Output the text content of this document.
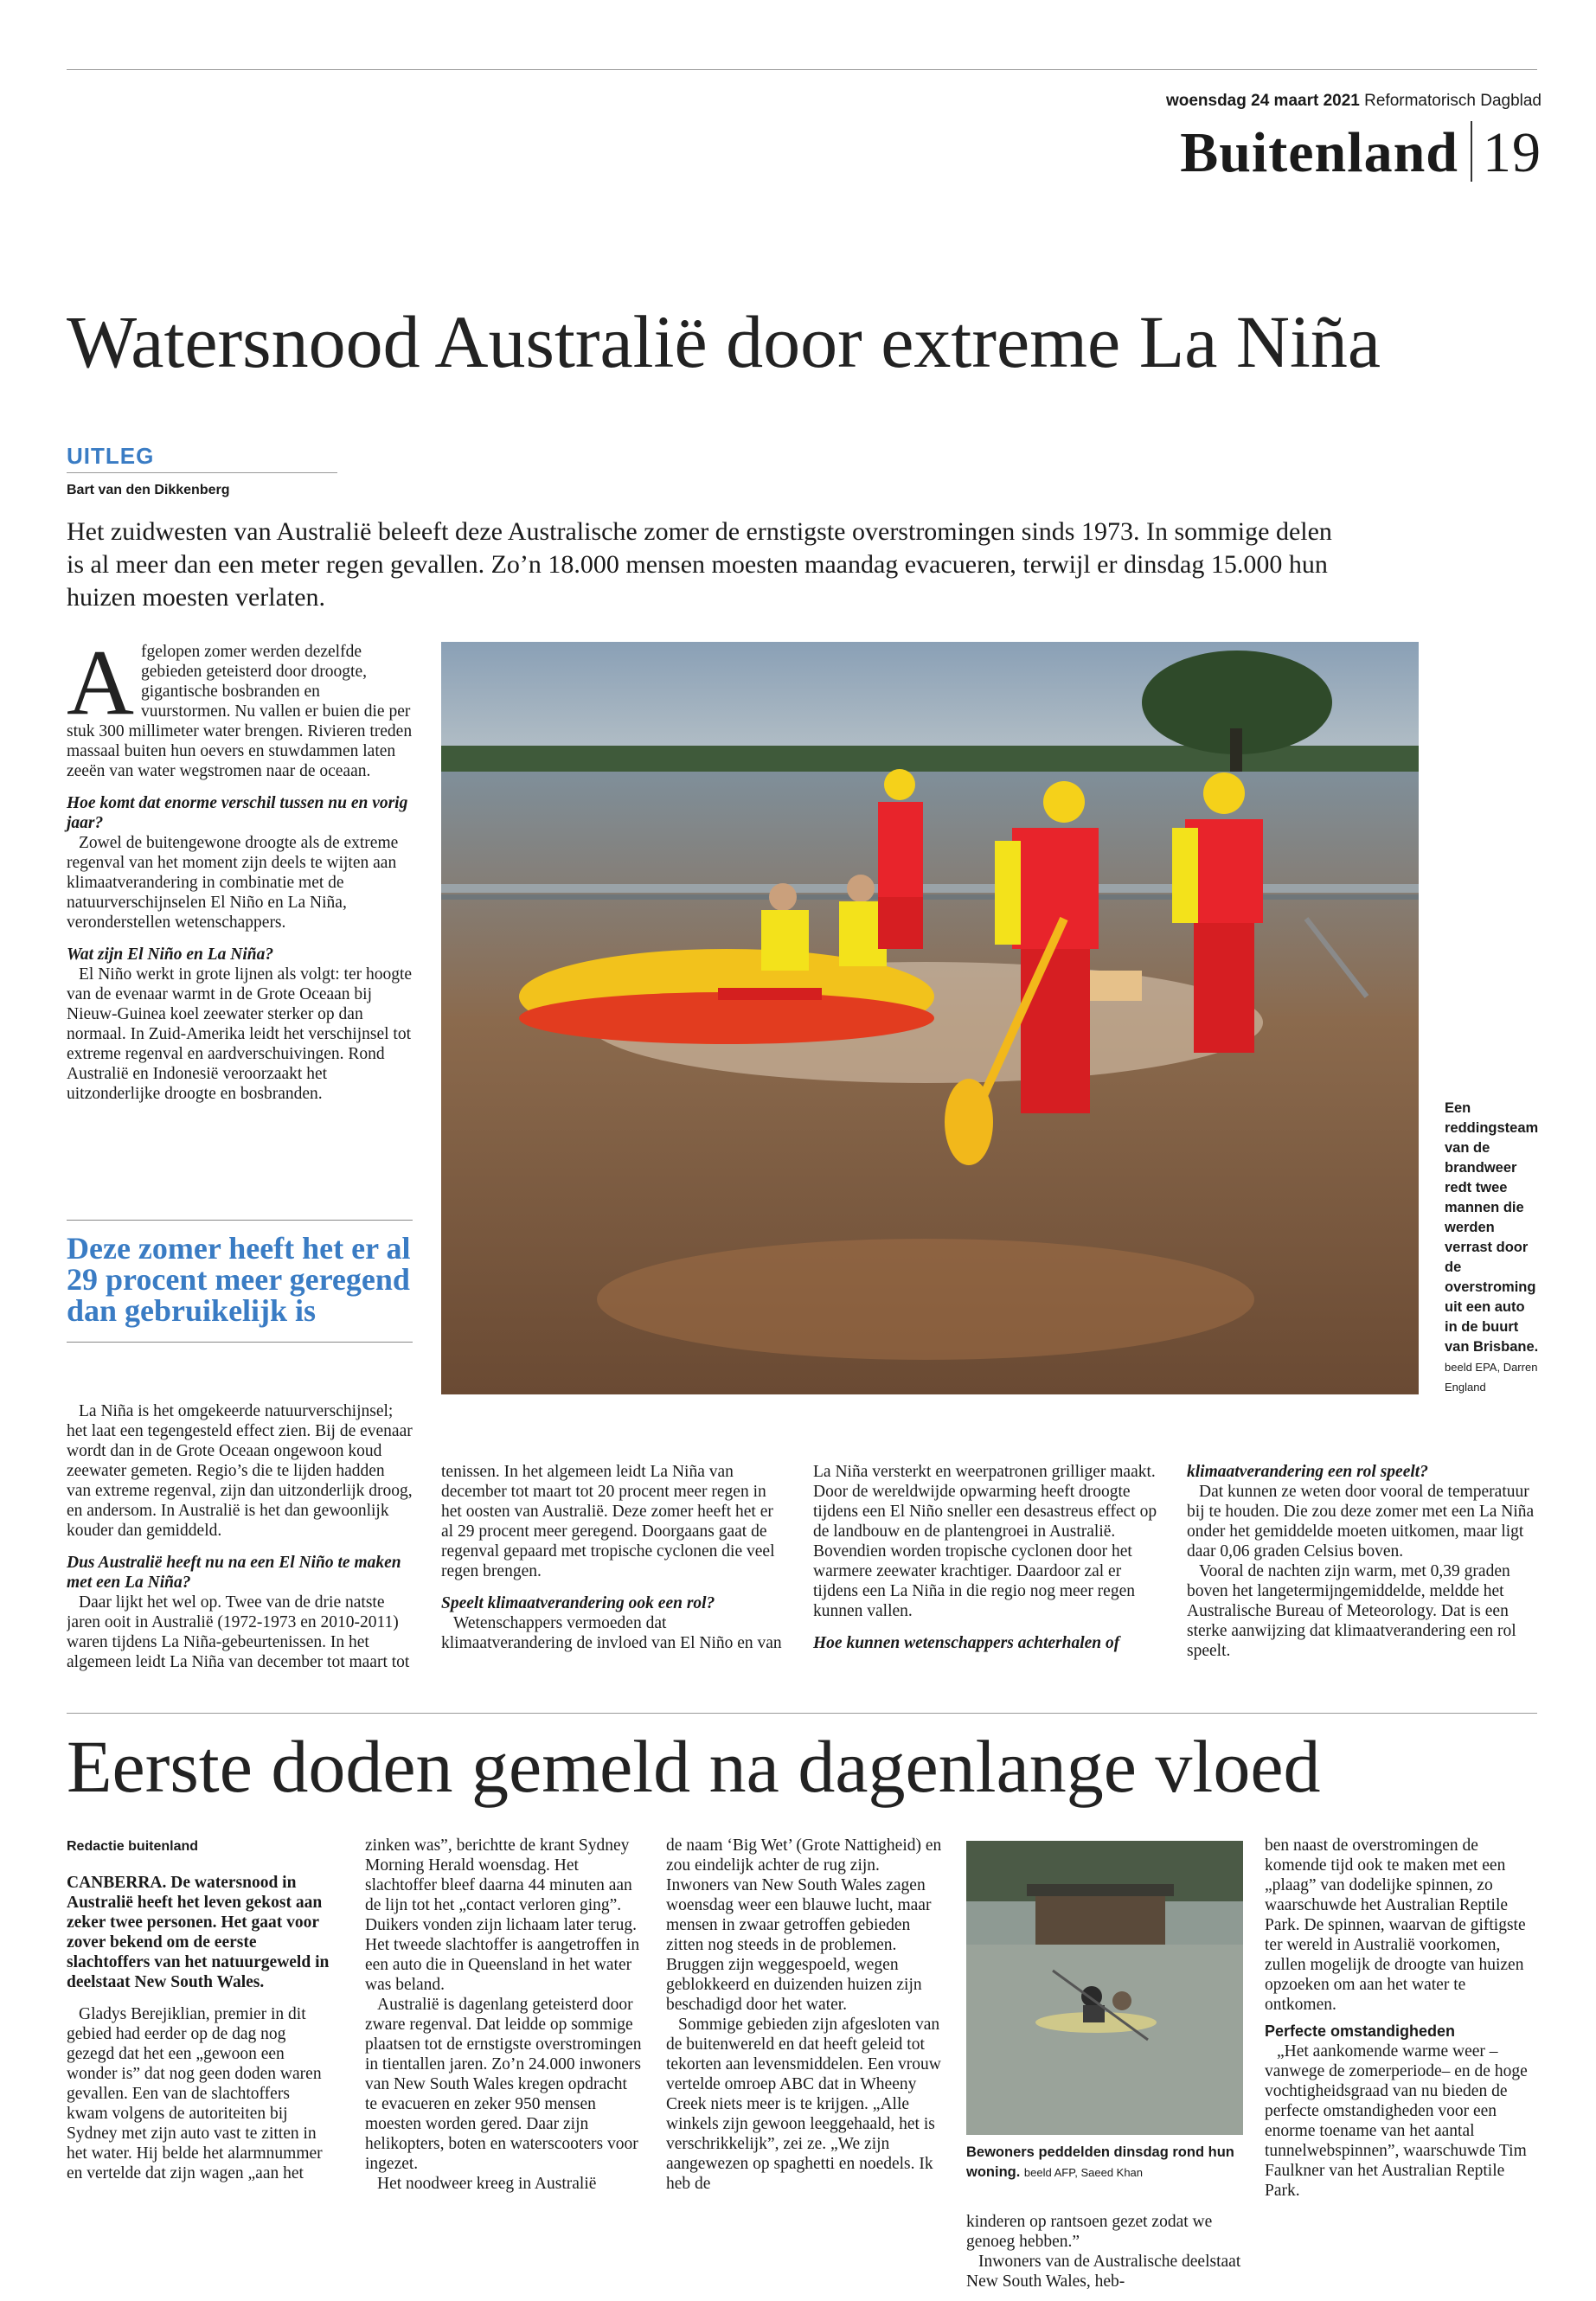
woensdag 24 maart 2021 Reformatorisch Dagblad
Buitenland 19
Watersnood Australië door extreme La Niña
UITLEG
Bart van den Dikkenberg
Het zuidwesten van Australië beleeft deze Australische zomer de ernstigste overstromingen sinds 1973. In sommige delen is al meer dan een meter regen gevallen. Zo’n 18.000 mensen moesten maandag evacueren, terwijl er dinsdag 15.000 hun huizen moesten verlaten.

Afgelopen zomer werden dezelfde gebieden geteisterd door droogte, gigantische bosbranden en vuurstormen. Nu vallen er buien die per stuk 300 millimeter water brengen. Rivieren treden massaal buiten hun oevers en stuwdammen laten zeeën van water wegstromen naar de oceaan.

Hoe komt dat enorme verschil tussen nu en vorig jaar?

Zowel de buitengewone droogte als de extreme regenval van het moment zijn deels te wijten aan klimaatverandering in combinatie met de natuurverschijnselen El Niño en La Niña, veronderstellen wetenschappers.

Wat zijn El Niño en La Niña?

El Niño werkt in grote lijnen als volgt: ter hoogte van de evenaar warmt in de Grote Oceaan bij Nieuw-Guinea koel zeewater sterker op dan normaal. In Zuid-Amerika leidt het verschijnsel tot extreme regenval en aardverschuivingen. Rond Australië en Indonesië veroorzaakt het uitzonderlijke droogte en bosbranden.

Deze zomer heeft het er al 29 procent meer geregend dan gebruikelijk is

La Niña is het omgekeerde natuurverschijnsel; het laat een tegengesteld effect zien. Bij de evenaar wordt dan in de Grote Oceaan ongewoon koud zeewater gemeten. Regio’s die te lijden hadden van extreme regenval, zijn dan uitzonderlijk droog, en andersom. In Australië is het dan gewoonlijk kouder dan gemiddeld.

Dus Australië heeft nu na een El Niño te maken met een La Niña?

Daar lijkt het wel op. Twee van de drie natste jaren ooit in Australië (1972-1973 en 2010-2011) waren tijdens La Niña-gebeurtenissen. In het algemeen leidt La Niña van december tot maart tot

Een reddingsteam van de brandweer redt twee mannen die werden verrast door de overstroming uit een auto in de buurt van Brisbane. beeld EPA, Darren England

tenissen. In het algemeen leidt La Niña van december tot maart tot 20 procent meer regen in het oosten van Australië. Deze zomer heeft het er al 29 procent meer geregend. Doorgaans gaat de regenval gepaard met tropische cyclonen die veel regen brengen.

Speelt klimaatverandering ook een rol?

Wetenschappers vermoeden dat klimaatverandering de invloed van El Niño en van

La Niña versterkt en weerpatronen grilliger maakt. Door de wereldwijde opwarming heeft droogte tijdens een El Niño sneller een desastreus effect op de landbouw en de plantengroei in Australië. Bovendien worden tropische cyclonen door het warmere zeewater krachtiger. Daardoor zal er tijdens een La Niña in die regio nog meer regen kunnen vallen.

Hoe kunnen wetenschappers achterhalen of

klimaatverandering een rol speelt?

Dat kunnen ze weten door vooral de temperatuur bij te houden. Die zou deze zomer met een La Niña onder het gemiddelde moeten uitkomen, maar ligt daar 0,06 graden Celsius boven.

Vooral de nachten zijn warm, met 0,39 graden boven het langetermijngemiddelde, meldde het Australische Bureau of Meteorology. Dat is een sterke aanwijzing dat klimaatverandering een rol speelt.

Eerste doden gemeld na dagenlange vloed
Redactie buitenland

CANBERRA. De watersnood in Australië heeft het leven gekost aan zeker twee personen. Het gaat voor zover bekend om de eerste slachtoffers van het natuurgeweld in deelstaat New South Wales.

Gladys Berejiklian, premier in dit gebied had eerder op de dag nog gezegd dat het een „gewoon een wonder is” dat nog geen doden waren gevallen. Een van de slachtoffers kwam volgens de autoriteiten bij Sydney met zijn auto vast te zitten in het water. Hij belde het alarmnummer en vertelde dat zijn wagen „aan het

zinken was”, berichtte de krant Sydney Morning Herald woensdag. Het slachtoffer bleef daarna 44 minuten aan de lijn tot het „contact verloren ging”. Duikers vonden zijn lichaam later terug. Het tweede slachtoffer is aangetroffen in een auto die in Queensland in het water was beland.

Australië is dagenlang geteisterd door zware regenval. Dat leidde op sommige plaatsen tot de ernstigste overstromingen in tientallen jaren. Zo’n 24.000 inwoners van New South Wales kregen opdracht te evacueren en zeker 950 mensen moesten worden gered. Daar zijn helikopters, boten en waterscooters voor ingezet.

Het noodweer kreeg in Australië

de naam ‘Big Wet’ (Grote Nattigheid) en zou eindelijk achter de rug zijn. Inwoners van New South Wales zagen woensdag weer een blauwe lucht, maar mensen in zwaar getroffen gebieden zitten nog steeds in de problemen. Bruggen zijn weggespoeld, wegen geblokkeerd en duizenden huizen zijn beschadigd door het water.

Sommige gebieden zijn afgesloten van de buitenwereld en dat heeft geleid tot tekorten aan levensmiddelen. Een vrouw vertelde omroep ABC dat in Wheeny Creek niets meer is te krijgen. „Alle winkels zijn gewoon leeggehaald, het is verschrikkelijk”, zei ze. „We zijn aangewezen op spaghetti en noedels. Ik heb de

Bewoners peddelden dinsdag rond hun woning. beeld AFP, Saeed Khan

kinderen op rantsoen gezet zodat we genoeg hebben.”

Inwoners van de Australische deelstaat New South Wales, heb-

ben naast de overstromingen de komende tijd ook te maken met een „plaag” van dodelijke spinnen, zo waarschuwde het Australian Reptile Park. De spinnen, waarvan de giftigste ter wereld in Australië voorkomen, zullen mogelijk de droogte van huizen opzoeken om aan het water te ontkomen.

Perfecte omstandigheden

„Het aankomende warme weer –vanwege de zomerperiode– en de hoge vochtigheidsgraad van nu bieden de perfecte omstandigheden voor een enorme toename van het aantal tunnelwebspinnen”, waarschuwde Tim Faulkner van het Australian Reptile Park.
